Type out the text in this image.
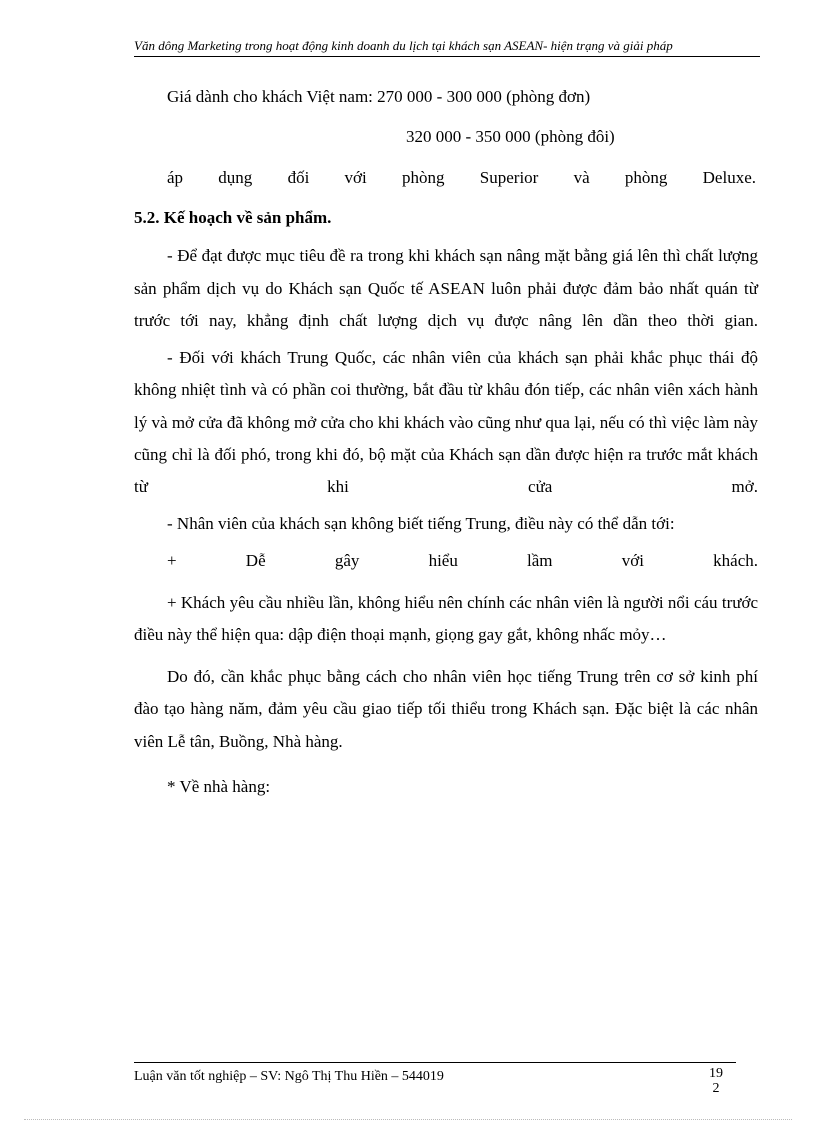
Văn dông Marketing trong hoạt động kinh doanh du lịch tại khách sạn ASEAN- hiện trạng và giải pháp

Giá dành cho khách Việt nam: 270 000 - 300 000 (phòng đơn)

320 000 - 350 000 (phòng đôi)

áp dụng đối với phòng Superior và phòng Deluxe.

5.2. Kế hoạch về sản phẩm.

- Để đạt được mục tiêu đề ra trong khi khách sạn nâng mặt bằng giá lên thì chất lượng sản phẩm dịch vụ do Khách sạn Quốc tế ASEAN luôn phải được đảm bảo nhất quán từ trước tới nay, khẳng định chất lượng dịch vụ được nâng lên dần theo thời gian.

- Đối với khách Trung Quốc, các nhân viên của khách sạn phải khắc phục thái độ không nhiệt tình và có phần coi thường, bắt đầu từ khâu đón tiếp, các nhân viên xách hành lý và mở cửa đã không mở cửa cho khi khách vào cũng như qua lại, nếu có thì việc làm này cũng chỉ là đối phó, trong khi đó, bộ mặt của Khách sạn dần được hiện ra trước mắt khách từ khi cửa mở.

- Nhân viên của khách sạn không biết tiếng Trung, điều này có thể dẫn tới:

+ Dễ gây hiểu lầm với khách.

+ Khách yêu cầu nhiều lần, không hiểu nên chính các nhân viên là người nổi cáu trước điều này thể hiện qua: dập điện thoại mạnh, giọng gay gắt, không nhấc mỏy…

Do đó, cần khắc phục bằng cách cho nhân viên học tiếng Trung trên cơ sở kinh phí đào tạo hàng năm, đảm yêu cầu giao tiếp tối thiểu trong Khách sạn. Đặc biệt là các nhân viên Lễ tân, Buồng, Nhà hàng.

* Về nhà hàng:

Luận văn tốt nghiệp – SV: Ngô Thị Thu Hiền – 544019	19
2
